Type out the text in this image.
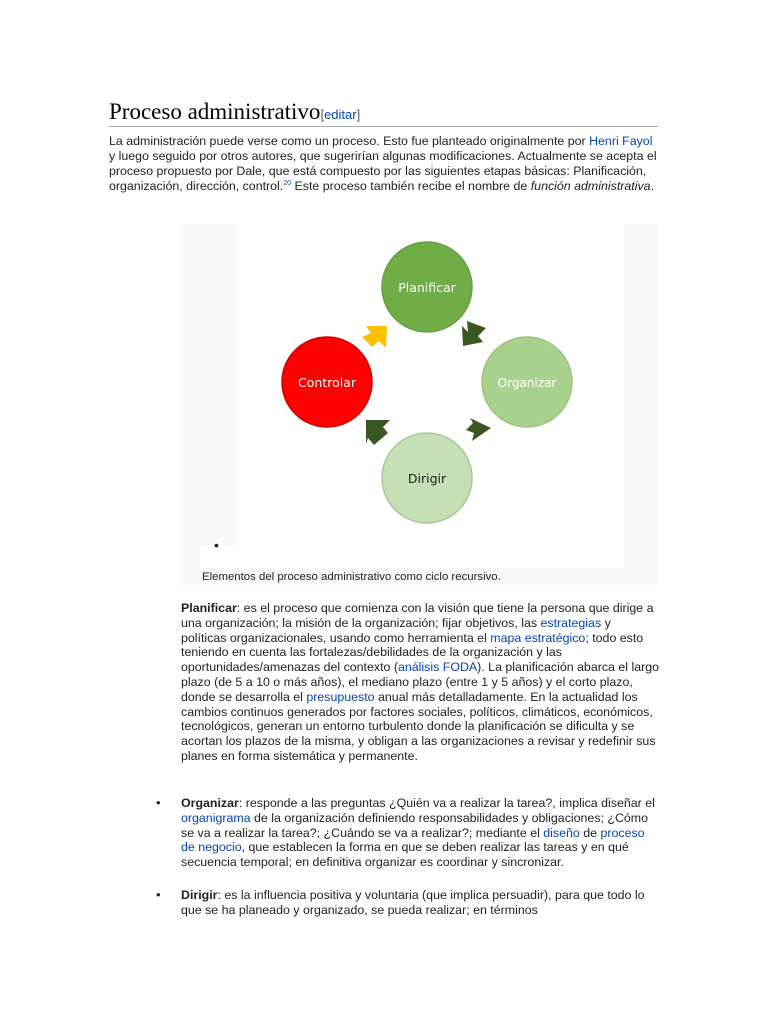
Proceso administrativo[editar]

La administración puede verse como un proceso. Esto fue planteado originalmente por Henri Fayol y luego seguido por otros autores, que sugerirían algunas modificaciones. Actualmente se acepta el proceso propuesto por Dale, que está compuesto por las siguientes etapas básicas: Planificación, organización, dirección, control.$^{20}$ Este proceso también recibe el nombre de función administrativa.

Planificar
Organizar
Dirigir
Controlar
•
Elementos del proceso administrativo como ciclo recursivo.

Planificar: es el proceso que comienza con la visión que tiene la persona que dirige a una organización; la misión de la organización; fijar objetivos, las estrategias y políticas organizacionales, usando como herramienta el mapa estratégico; todo esto teniendo en cuenta las fortalezas/debilidades de la organización y las oportunidades/amenazas del contexto (análisis FODA). La planificación abarca el largo plazo (de 5 a 10 o más años), el mediano plazo (entre 1 y 5 años) y el corto plazo, donde se desarrolla el presupuesto anual más detalladamente. En la actualidad los cambios continuos generados por factores sociales, políticos, climáticos, económicos, tecnológicos, generan un entorno turbulento donde la planificación se dificulta y se acortan los plazos de la misma, y obligan a las organizaciones a revisar y redefinir sus planes en forma sistemática y permanente.

• Organizar: responde a las preguntas ¿Quién va a realizar la tarea?, implica diseñar el organigrama de la organización definiendo responsabilidades y obligaciones; ¿Cómo se va a realizar la tarea?; ¿Cuándo se va a realizar?; mediante el diseño de proceso de negocio, que establecen la forma en que se deben realizar las tareas y en qué secuencia temporal; en definitiva organizar es coordinar y sincronizar.
• Dirigir: es la influencia positiva y voluntaria (que implica persuadir), para que todo lo que se ha planeado y organizado, se pueda realizar; en términos
